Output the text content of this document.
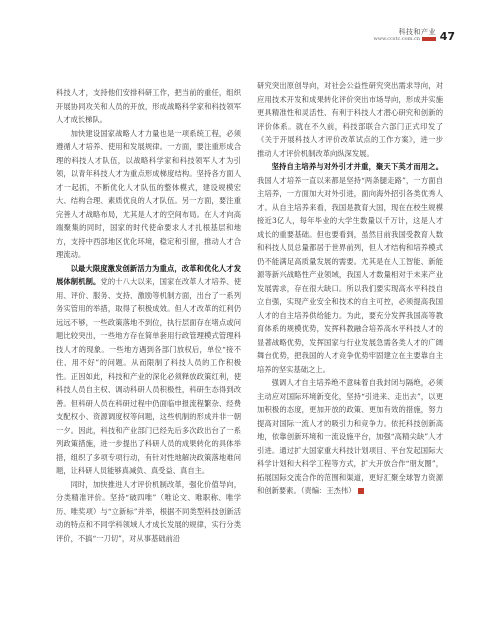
科技和产业
www.ccstc.com.cn	47

科技人才，支持他们安排科研工作，把当前的重任，组织开展协同攻关和人员的开放，形成战略科学家和科技领军人才成长梯队。

加快建设国家战略人才力量也是一项系统工程，必须遵循人才培养、使用和发展规律。一方面，要注重形成合理的科技人才队伍，以战略科学家和科技领军人才为引领，以青年科技人才为重点形成梯度结构。坚持各方面人才一起抓，不断优化人才队伍的整体模式，建设规模宏大、结构合理、素质优良的人才队伍。另一方面，要注重完善人才战略布局，尤其是人才的空间布局。在人才向高端聚集的同时，国家的时代使命要求人才扎根基层和地方，支持中西部地区优化环境，稳定和引留，推动人才合理流动。

以最大限度激发创新活力为重点，改革和优化人才发展体制机制。党的十八大以来，国家在改革人才培养、使用、评价、服务、支持、激励等机制方面，出台了一系列务实管用的举措，取得了积极成效。但人才改革的红利仍远远不够，一些政策落地不到位，执行层面存在堵点或问题比较突出，一些地方存在简单套用行政管理模式管理科技人才的现象。一些地方遇到各部门放权后，单位“接不住、用不好”的问题。从而限制了科技人员的工作积极性。正因如此，科技和产业的深化必须释放政策红利，使科技人员自主权、调动科研人员积极性，科研生态得到改善。但科研人员在科研过程中仍面临申报流程繁杂、经费支配权小、资源调度权等问题，这些机制的形成并非一朝一夕。因此，科技和产业部门已经先后多次政出台了一系列政策措施，进一步提出了科研人员的成果转化的具体举措，组织了多项专项行动，有针对性地解决政策落地难问题，让科研人员能够真减负、真受益、真自主。

同时，加快推进人才评价机制改革，强化价值导向，分类精准评价。坚持“破四唯”（唯论文、唯职称、唯学历、唯奖项）与“立新标”并举，根据不同类型科技创新活动的特点和不同学科领域人才成长发展的规律，实行分类评价，不搞“一刀切”，对从事基础前沿

研究突出原创导向，对社会公益性研究突出需求导向，对应用技术开发和成果转化评价突出市场导向，形成并实施更具精准性和灵活性、有利于科技人才潜心研究和创新的评价体系。就在不久前，科技部联合六部门正式印发了《关于开展科技人才评价改革试点的工作方案》，进一步推动人才评价机制改革向纵深发展。

坚持自主培养与对外引才并重，聚天下英才而用之。我国人才培养一直以来都是坚持“两条腿走路”，一方面自主培养，一方面加大对外引进，面向海外招引各类优秀人才。从自主培养来看，我国是教育大国，现在在校生规模接近3亿人，每年毕业的大学生数量以千万计，这是人才成长的重要基础。但也要看到，虽然目前我国受教育人数和科技人员总量都居于世界前列，但人才结构和培养模式仍不能满足高质量发展的需要。尤其是在人工智能、新能源等新兴战略性产业领域，我国人才数量相对于未来产业发展需求，存在很大缺口。所以我们要实现高水平科技自立自强，实现产业安全和技术的自主可控，必须提高我国人才的自主培养供给能力。为此，要充分发挥我国高等教育体系的规模优势，发挥科教融合培养高水平科技人才的显著战略优势，发挥国家与行业发展急需各类人才的广阔舞台优势，把我国的人才竞争优势牢固建立在主要靠自主培养的坚实基础之上。

强调人才自主培养绝不意味着自我封闭与隔绝，必须主动应对国际环境新变化，坚持“引进来、走出去”，以更加积极的态度，更加开放的政策、更加有效的措施，努力提高对国际一流人才的吸引力和竞争力。依托科技创新高地，依靠创新环境和一流设施平台，加强“高精尖缺”人才引进。通过扩大国家重大科技计划项目、平台发起国际大科学计划和大科学工程等方式，扩大开放合作“朋友圈”，拓展国际交流合作的范围和渠道，更好汇聚全球智力资源和创新要素。（责编：王杰伟）
